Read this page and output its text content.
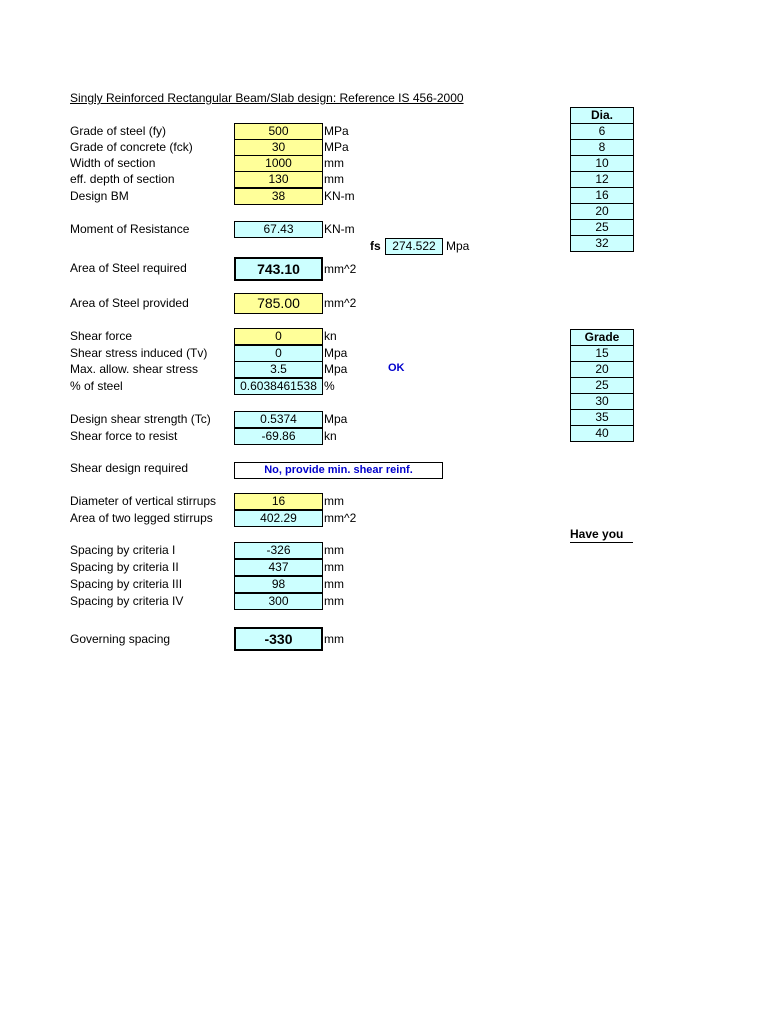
Singly Reinforced Rectangular Beam/Slab design: Reference IS 456-2000
Grade of steel (fy)	500	MPa
Grade of concrete (fck)	30	MPa
Width of section	1000	mm
eff. depth of section	130	mm
Design BM	38	KN-m
Moment of Resistance	67.43	KN-m
fs 274.522 Mpa
Area of Steel required	743.10	mm^2
Area of Steel provided	785.00	mm^2
Shear force	0	kn
Shear stress induced (Tv)	0	Mpa
Max. allow. shear stress	3.5	Mpa	OK
% of steel	0.6038461538 %
Design shear strength (Tc)	0.5374	Mpa
Shear force to resist	-69.86	kn
Shear design required	No, provide min. shear reinf.
Diameter of vertical stirrups	16	mm
Area of two legged stirrups	402.29	mm^2
Spacing by criteria I	-326	mm
Spacing by criteria II	437	mm
Spacing by criteria III	98	mm
Spacing by criteria IV	300	mm
Governing spacing	-330	mm
Dia.
6
8
10
12
16
20
25
32
Grade
15
20
25
30
35
40
Have you
